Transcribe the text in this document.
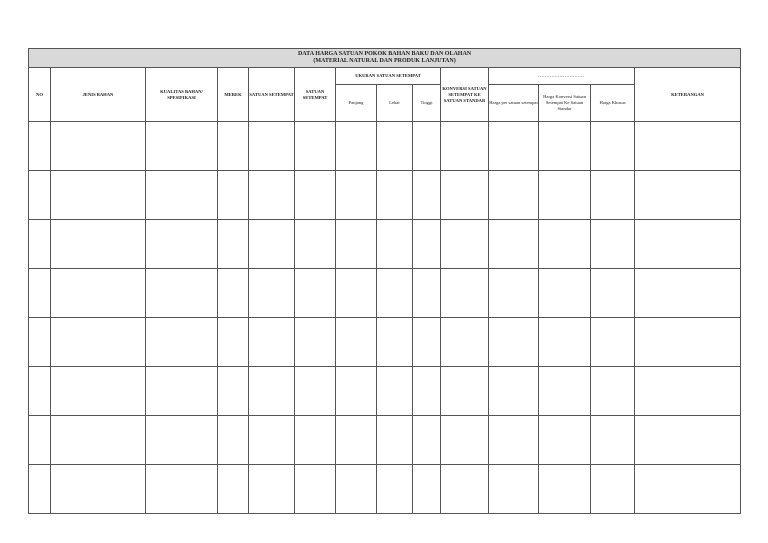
DATA HARGA SATUAN POKOK BAHAN BAKU DAN OLAHAN
(MATERIAL NATURAL DAN PRODUK LANJUTAN)													

NO	JENIS BAHAN	KUALITAS BAHAN/ SPESIFIKASI	MEREK	SATUAN SETEMPAT	SATUAN SETEMPAT	UKURAN SATUAN SETEMPAT			KONVERSI SATUAN SETEMPAT KE SATUAN STANDAR	............................			KETERANGAN
						Panjang	Lebar	Tinggi		Harga per satuan setempat	Harga Konversi Satuan Setempat Ke Satuan Standar	Harga Khusus	
